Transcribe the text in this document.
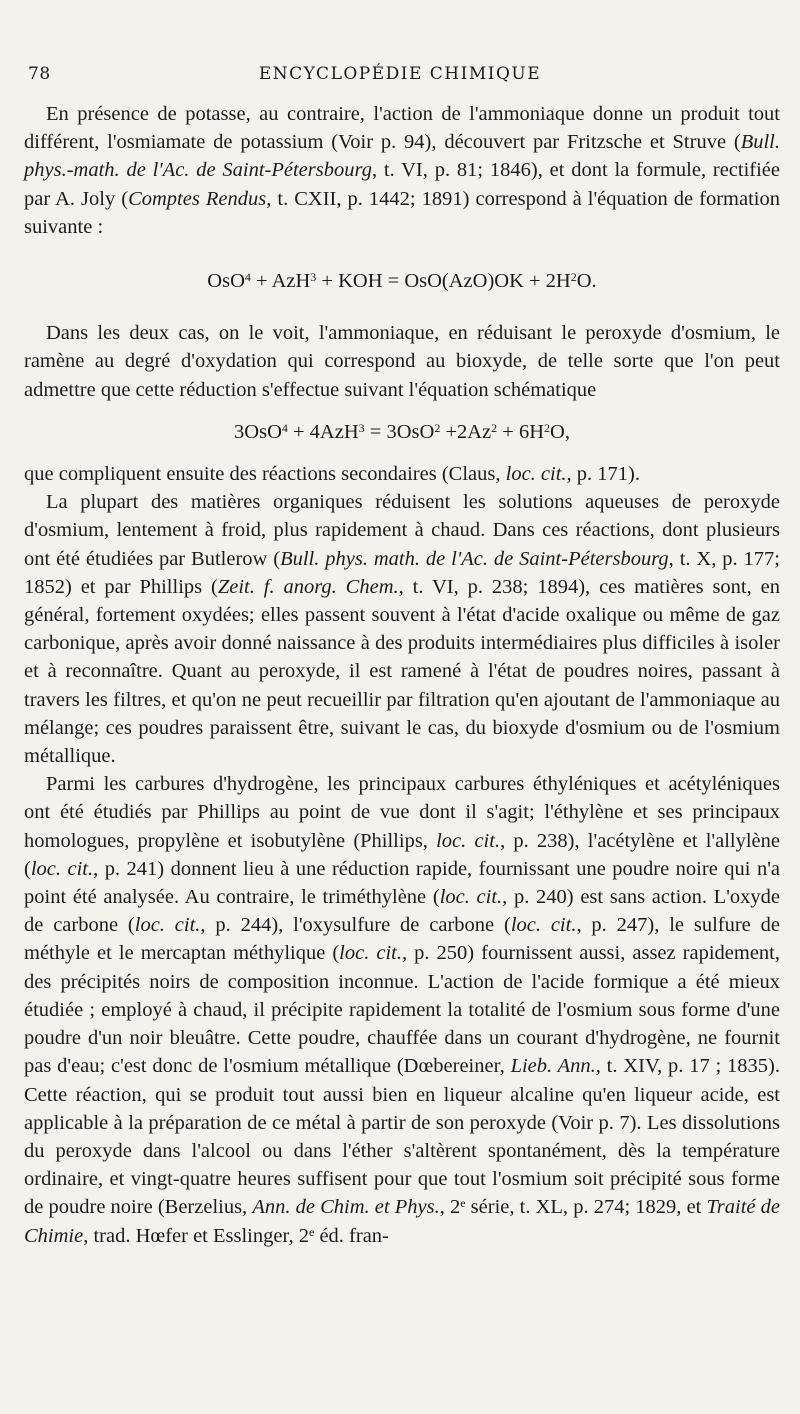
78	ENCYCLOPÉDIE CHIMIQUE

En présence de potasse, au contraire, l'action de l'ammoniaque donne un produit tout différent, l'osmiamate de potassium (Voir p. 94), découvert par Fritzsche et Struve (Bull. phys.-math. de l'Ac. de Saint-Pétersbourg, t. VI, p. 81; 1846), et dont la formule, rectifiée par A. Joly (Comptes Rendus, t. CXII, p. 1442; 1891) correspond à l'équation de formation suivante :

OsO$^4$ + AzH$^3$ + KOH = $OsO(AzO)OK + 2H^2O$.

Dans les deux cas, on le voit, l'ammoniaque, en réduisant le peroxyde d'osmium, le ramène au degré d'oxydation qui correspond au bioxyde, de telle sorte que l'on peut admettre que cette réduction s'effectue suivant l'équation schématique

$3OsO^4 + 4AzH^3 = 3OsO^2 +2Az^2 + 6H^2O$,

que compliquent ensuite des réactions secondaires (Claus, loc. cit., p. 171).

La plupart des matières organiques réduisent les solutions aqueuses de peroxyde d'osmium, lentement à froid, plus rapidement à chaud. Dans ces réactions, dont plusieurs ont été étudiées par Butlerow (Bull. phys. math. de l'Ac. de Saint-Pétersbourg, t. X, p. 177; 1852) et par Phillips (Zeit. f. anorg. Chem., t. VI, p. 238; 1894), ces matières sont, en général, fortement oxydées; elles passent souvent à l'état d'acide oxalique ou même de gaz carbonique, après avoir donné naissance à des produits intermédiaires plus difficiles à isoler et à reconnaître. Quant au peroxyde, il est ramené à l'état de poudres noires, passant à travers les filtres, et qu'on ne peut recueillir par filtration qu'en ajoutant de l'ammoniaque au mélange; ces poudres paraissent être, suivant le cas, du bioxyde d'osmium ou de l'osmium métallique.

Parmi les carbures d'hydrogène, les principaux carbures éthyléniques et acétyléniques ont été étudiés par Phillips au point de vue dont il s'agit; l'éthylène et ses principaux homologues, propylène et isobutylène (Phillips, loc. cit., p. 238), l'acétylène et l'allylène (loc. cit., p. 241) donnent lieu à une réduction rapide, fournissant une poudre noire qui n'a point été analysée. Au contraire, le triméthylène (loc. cit., p. 240) est sans action. L'oxyde de carbone (loc. cit., p. 244), l'oxysulfure de carbone (loc. cit., p. 247), le sulfure de méthyle et le mercaptan méthylique (loc. cit., p. 250) fournissent aussi, assez rapidement, des précipités noirs de composition inconnue. L'action de l'acide formique a été mieux étudiée ; employé à chaud, il précipite rapidement la totalité de l'osmium sous forme d'une poudre d'un noir bleuâtre. Cette poudre, chauffée dans un courant d'hydrogène, ne fournit pas d'eau; c'est donc de l'osmium métallique (Dœbereiner, Lieb. Ann., t. XIV, p. 17 ; 1835). Cette réaction, qui se produit tout aussi bien en liqueur alcaline qu'en liqueur acide, est applicable à la préparation de ce métal à partir de son peroxyde (Voir p. 7). Les dissolutions du peroxyde dans l'alcool ou dans l'éther s'altèrent spontanément, dès la température ordinaire, et vingt-quatre heures suffisent pour que tout l'osmium soit précipité sous forme de poudre noire (Berzelius, Ann. de Chim. et Phys., 2e série, t. XL, p. 274; 1829, et Traité de Chimie, trad. Hœfer et Esslinger, 2e éd. fran-
